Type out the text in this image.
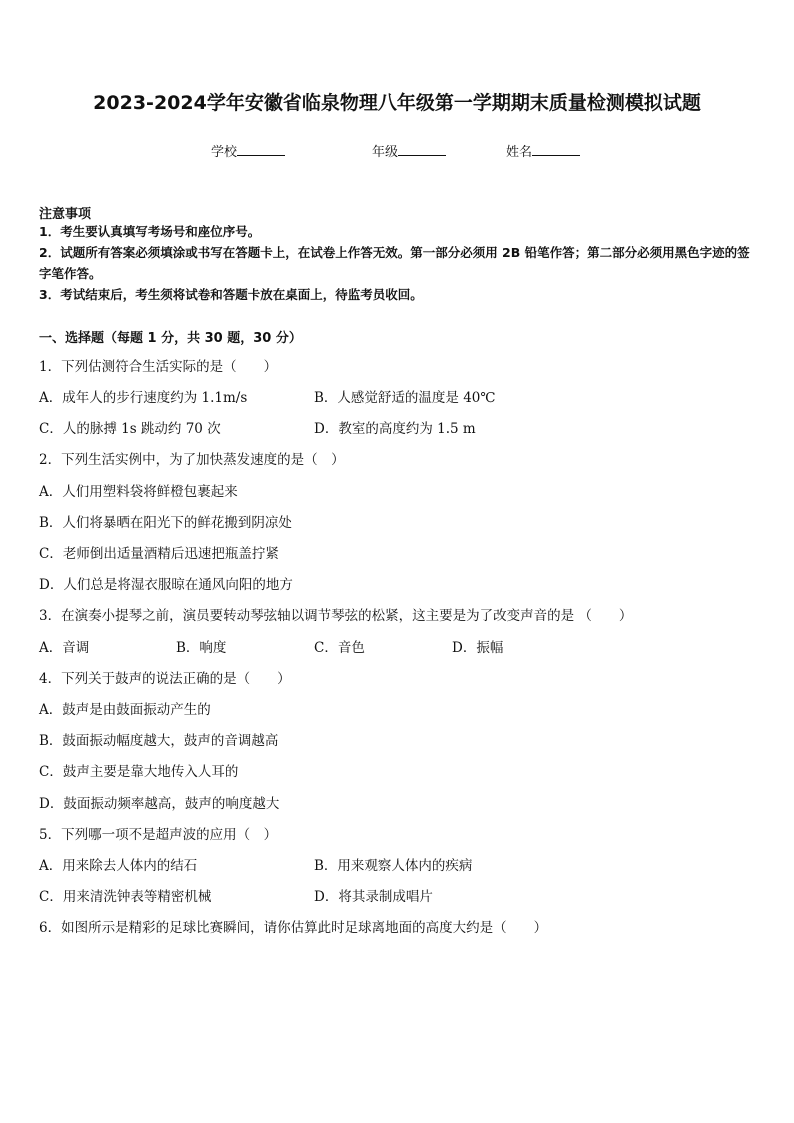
2023-2024学年安徽省临泉物理八年级第一学期期末质量检测模拟试题
学校	年级	姓名
注意事项
1．考生要认真填写考场号和座位序号。
2．试题所有答案必须填涂或书写在答题卡上，在试卷上作答无效。第一部分必须用 2B 铅笔作答；第二部分必须用黑色字迹的签字笔作答。
3．考试结束后，考生须将试卷和答题卡放在桌面上，待监考员收回。
一、选择题（每题 1 分，共 30 题，30 分）
1．下列估测符合生活实际的是（　　）
A．成年人的步行速度约为 1.1m/s	B．人感觉舒适的温度是 40℃
C．人的脉搏 1s 跳动约 70 次	D．教室的高度约为 1.5 m
2．下列生活实例中，为了加快蒸发速度的是（　）
A．人们用塑料袋将鲜橙包裹起来
B．人们将暴晒在阳光下的鲜花搬到阴凉处
C．老师倒出适量酒精后迅速把瓶盖拧紧
D．人们总是将湿衣服晾在通风向阳的地方
3．在演奏小提琴之前，演员要转动琴弦轴以调节琴弦的松紧，这主要是为了改变声音的是 （　　）
A．音调	B．响度	C．音色	D．振幅
4．下列关于鼓声的说法正确的是（　　）
A．鼓声是由鼓面振动产生的
B．鼓面振动幅度越大，鼓声的音调越高
C．鼓声主要是靠大地传入人耳的
D．鼓面振动频率越高，鼓声的响度越大
5．下列哪一项不是超声波的应用（　）
A．用来除去人体内的结石	B．用来观察人体内的疾病
C．用来清洗钟表等精密机械	D．将其录制成唱片
6．如图所示是精彩的足球比赛瞬间，请你估算此时足球离地面的高度大约是（　　）
